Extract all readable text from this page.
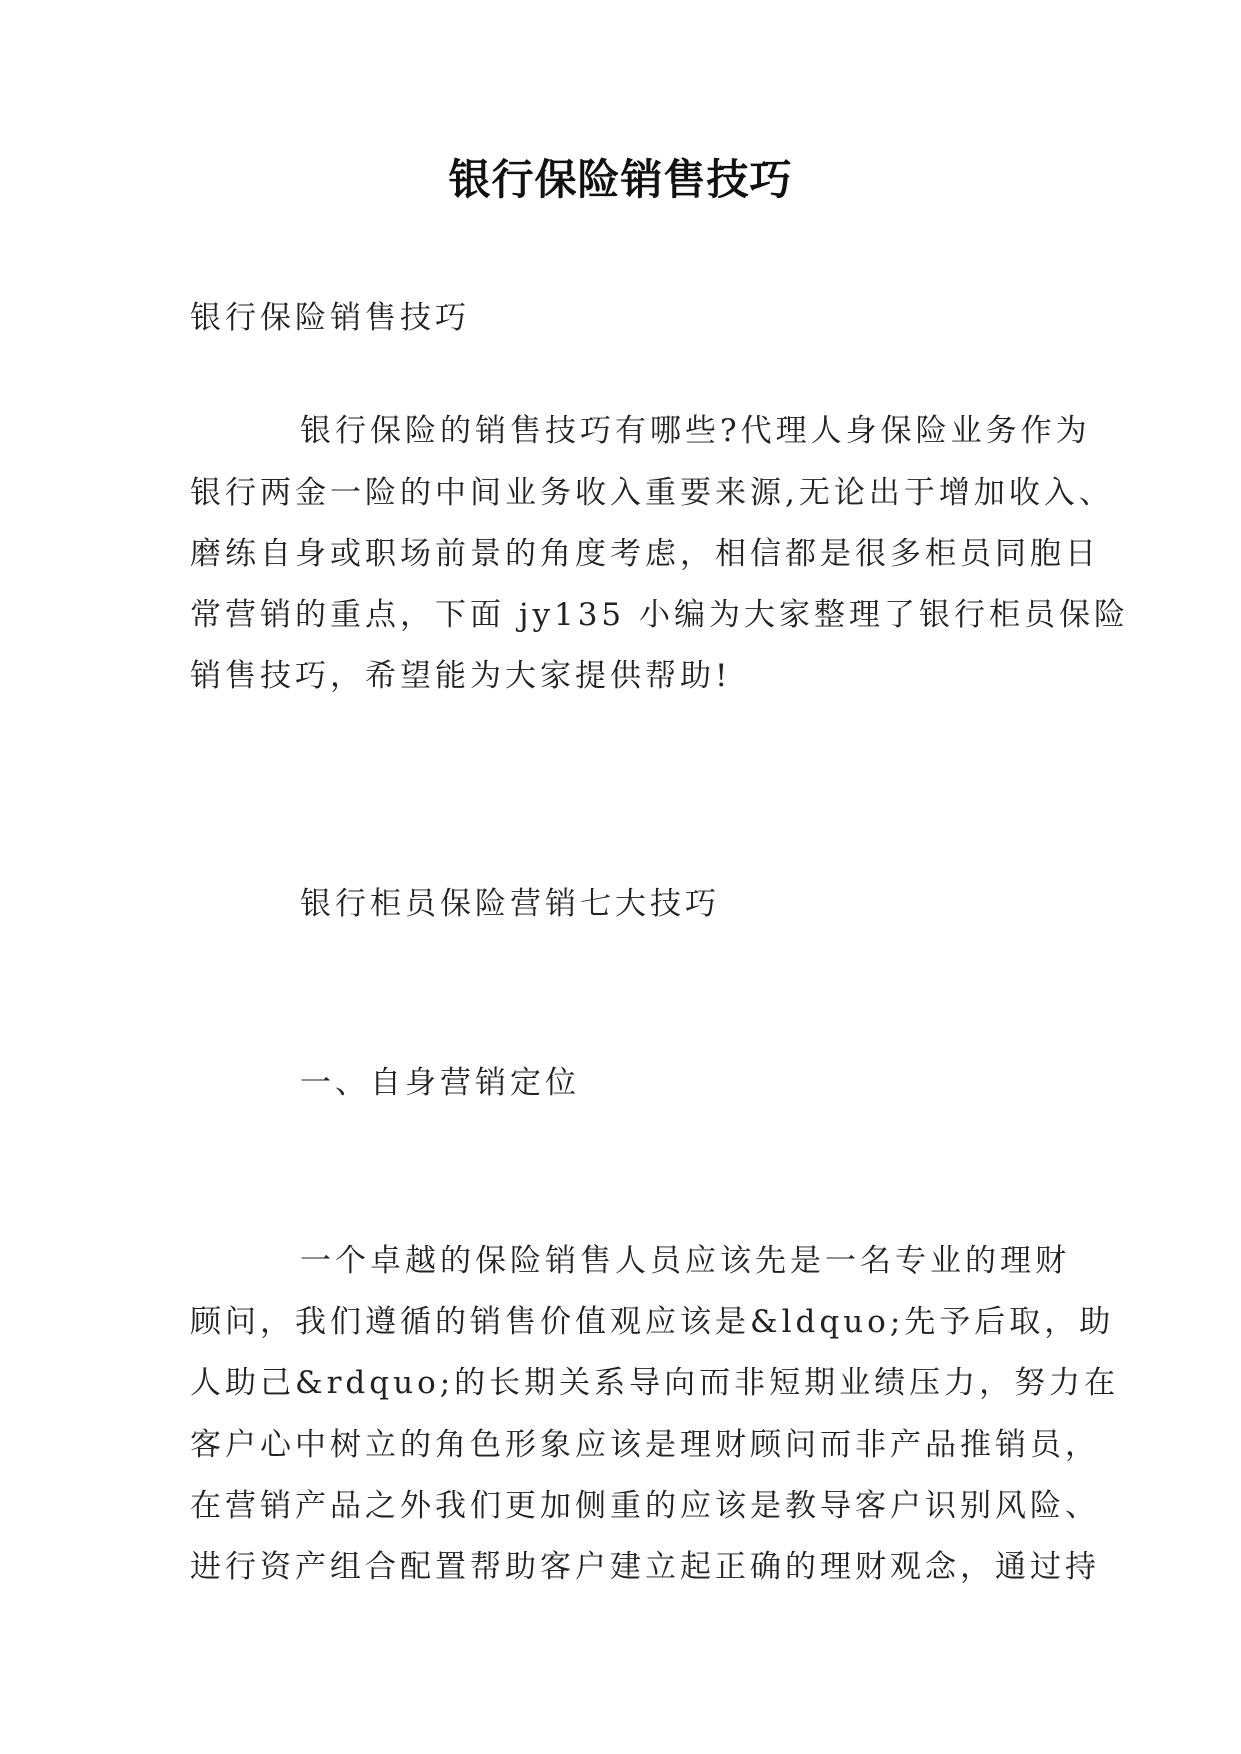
银行保险销售技巧
银行保险销售技巧
银行保险的销售技巧有哪些?代理人身保险业务作为
银行两金一险的中间业务收入重要来源,无论出于增加收入、
磨练自身或职场前景的角度考虑，相信都是很多柜员同胞日
常营销的重点，下面 jy135 小编为大家整理了银行柜员保险
销售技巧，希望能为大家提供帮助!
银行柜员保险营销七大技巧
一、自身营销定位
一个卓越的保险销售人员应该先是一名专业的理财
顾问，我们遵循的销售价值观应该是&ldquo;先予后取，助
人助己&rdquo;的长期关系导向而非短期业绩压力，努力在
客户心中树立的角色形象应该是理财顾问而非产品推销员，
在营销产品之外我们更加侧重的应该是教导客户识别风险、
进行资产组合配置帮助客户建立起正确的理财观念，通过持
